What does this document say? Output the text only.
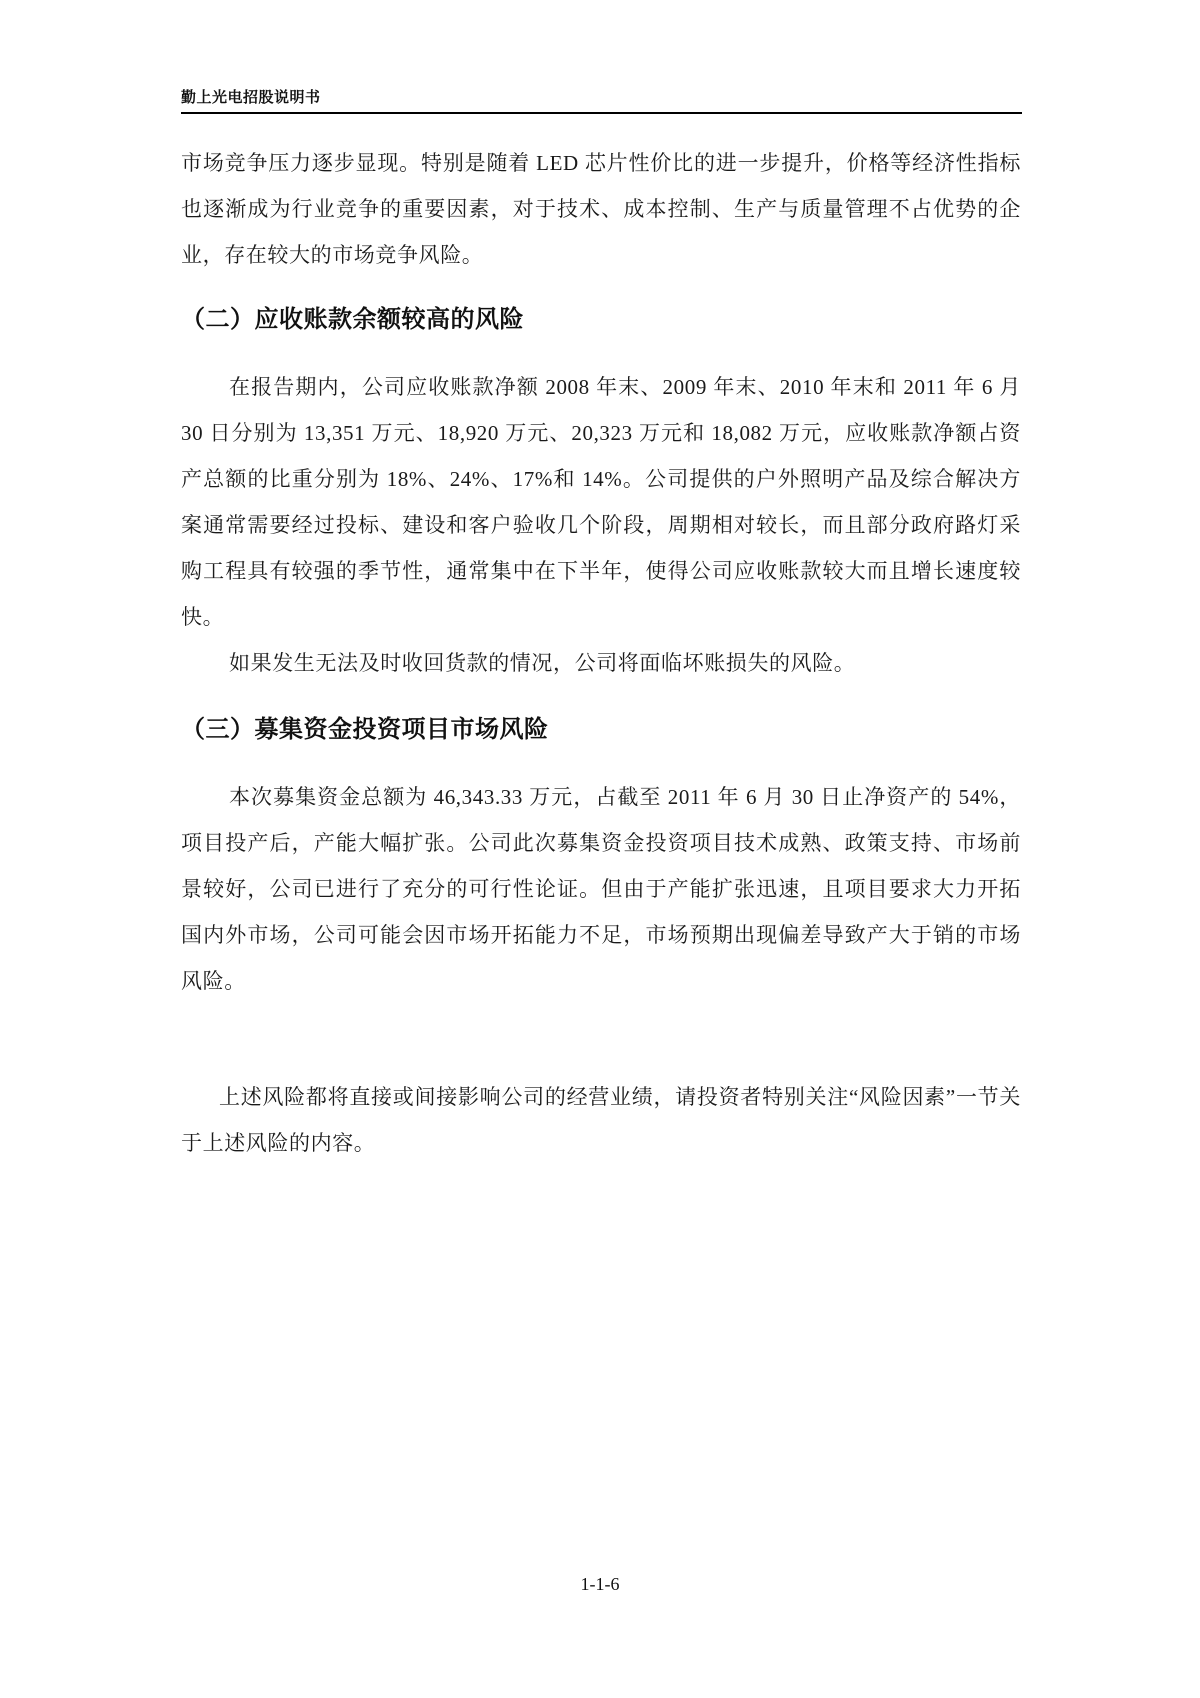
勤上光电招股说明书

市场竞争压力逐步显现。特别是随着 LED 芯片性价比的进一步提升，价格等经济性指标也逐渐成为行业竞争的重要因素，对于技术、成本控制、生产与质量管理不占优势的企业，存在较大的市场竞争风险。

（二）应收账款余额较高的风险

在报告期内，公司应收账款净额 2008 年末、2009 年末、2010 年末和 2011 年 6 月 30 日分别为 13,351 万元、18,920 万元、20,323 万元和 18,082 万元，应收账款净额占资产总额的比重分别为 18%、24%、17%和 14%。公司提供的户外照明产品及综合解决方案通常需要经过投标、建设和客户验收几个阶段，周期相对较长，而且部分政府路灯采购工程具有较强的季节性，通常集中在下半年，使得公司应收账款较大而且增长速度较快。

如果发生无法及时收回货款的情况，公司将面临坏账损失的风险。

（三）募集资金投资项目市场风险

本次募集资金总额为 46,343.33 万元，占截至 2011 年 6 月 30 日止净资产的 54%，项目投产后，产能大幅扩张。公司此次募集资金投资项目技术成熟、政策支持、市场前景较好，公司已进行了充分的可行性论证。但由于产能扩张迅速，且项目要求大力开拓国内外市场，公司可能会因市场开拓能力不足，市场预期出现偏差导致产大于销的市场风险。

上述风险都将直接或间接影响公司的经营业绩，请投资者特别关注“风险因素”一节关于上述风险的内容。

1-1-6
